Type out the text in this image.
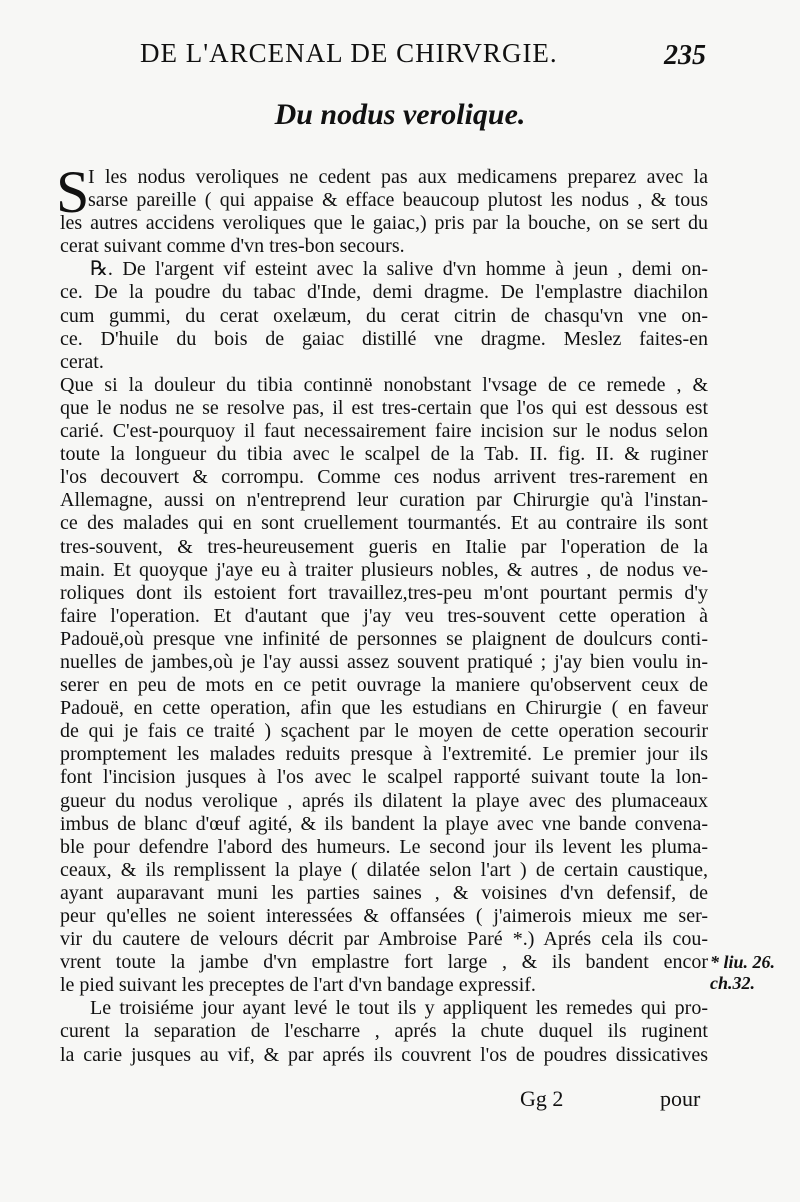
DE L'ARCENAL DE CHIRVRGIE.	235
Du nodus verolique.
S
I les nodus veroliques ne cedent pas aux medicamens preparez avec la
sarse pareille ( qui appaise & efface beaucoup plutost les nodus , & tous
les autres accidens veroliques que le gaiac,) pris par la bouche, on se sert du
cerat suivant comme d'vn tres-bon secours.
℞. De l'argent vif esteint avec la salive d'vn homme à jeun , demi on-
ce. De la poudre du tabac d'Inde, demi dragme. De l'emplastre diachilon
cum gummi, du cerat oxelæum, du cerat citrin de chasqu'vn vne on-
ce. D'huile du bois de gaiac distillé vne dragme. Meslez faites-en
cerat.
Que si la douleur du tibia continnë nonobstant l'vsage de ce remede , &
que le nodus ne se resolve pas, il est tres-certain que l'os qui est dessous est
carié. C'est-pourquoy il faut necessairement faire incision sur le nodus selon
toute la longueur du tibia avec le scalpel de la Tab. II. fig. II. & ruginer
l'os decouvert & corrompu. Comme ces nodus arrivent tres-rarement en
Allemagne, aussi on n'entreprend leur curation par Chirurgie qu'à l'instan-
ce des malades qui en sont cruellement tourmantés. Et au contraire ils sont
tres-souvent, & tres-heureusement gueris en Italie par l'operation de la
main. Et quoyque j'aye eu à traiter plusieurs nobles, & autres , de nodus ve-
roliques dont ils estoient fort travaillez,tres-peu m'ont pourtant permis d'y
faire l'operation. Et d'autant que j'ay veu tres-souvent cette operation à
Padouë,où presque vne infinité de personnes se plaignent de doulcurs conti-
nuelles de jambes,où je l'ay aussi assez souvent pratiqué ; j'ay bien voulu in-
serer en peu de mots en ce petit ouvrage la maniere qu'observent ceux de
Padouë, en cette operation, afin que les estudians en Chirurgie ( en faveur
de qui je fais ce traité ) sçachent par le moyen de cette operation secourir
promptement les malades reduits presque à l'extremité. Le premier jour ils
font l'incision jusques à l'os avec le scalpel rapporté suivant toute la lon-
gueur du nodus verolique , aprés ils dilatent la playe avec des plumaceaux
imbus de blanc d'œuf agité, & ils bandent la playe avec vne bande convena-
ble pour defendre l'abord des humeurs. Le second jour ils levent les pluma-
ceaux, & ils remplissent la playe ( dilatée selon l'art ) de certain caustique,
ayant auparavant muni les parties saines , & voisines d'vn defensif, de
peur qu'elles ne soient interessées & offansées ( j'aimerois mieux me ser-
vir du cautere de velours décrit par Ambroise Paré *.) Aprés cela ils cou-
vrent toute la jambe d'vn emplastre fort large , & ils bandent encor
le pied suivant les preceptes de l'art d'vn bandage expressif.
Le troisiéme jour ayant levé le tout ils y appliquent les remedes qui pro-
curent la separation de l'escharre , aprés la chute duquel ils ruginent
la carie jusques au vif, & par aprés ils couvrent l'os de poudres dissicatives
* liu. 26.
ch.32.
Gg 2	pour
